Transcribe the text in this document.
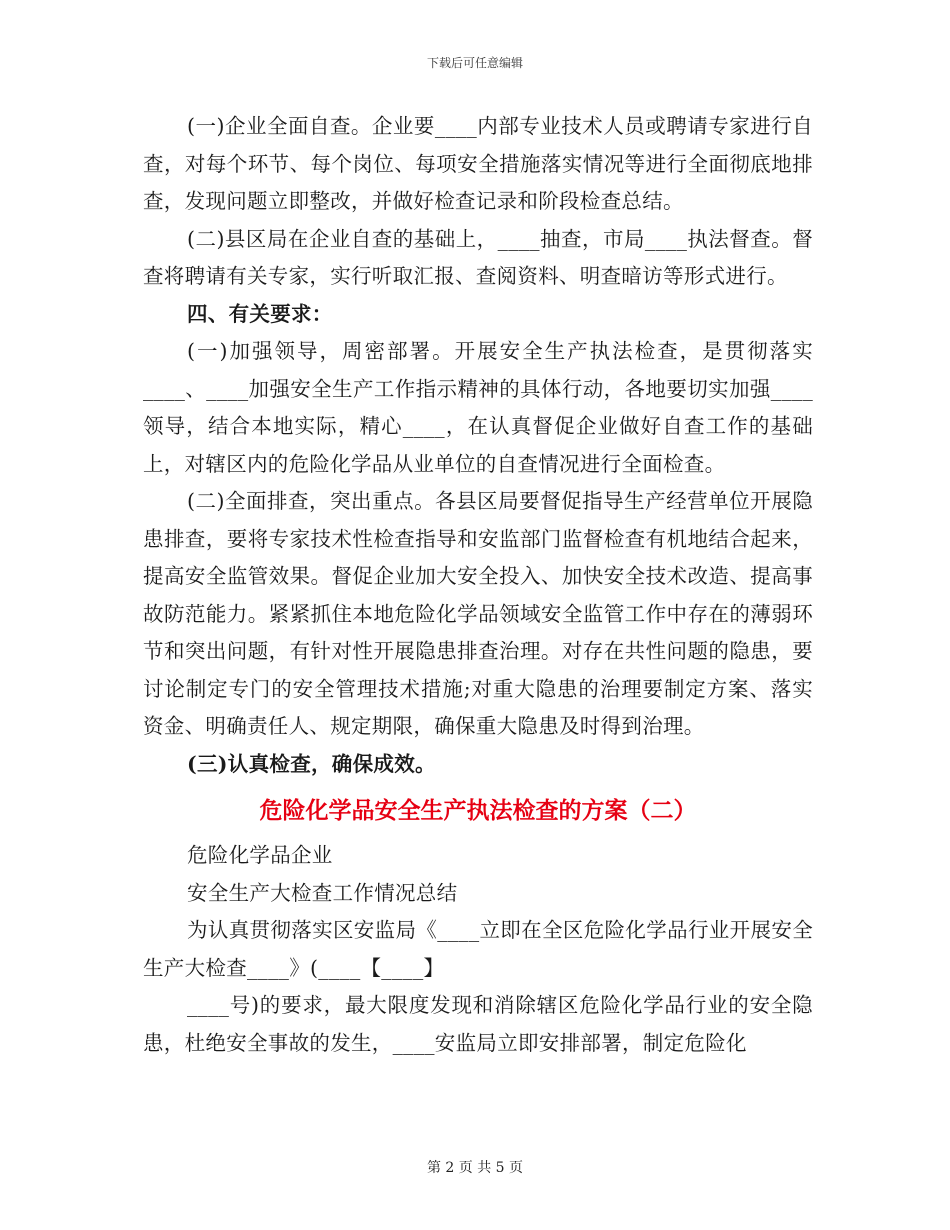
下载后可任意编辑

(一)企业全面自查。企业要____内部专业技术人员或聘请专家进行自查，对每个环节、每个岗位、每项安全措施落实情况等进行全面彻底地排查，发现问题立即整改，并做好检查记录和阶段检查总结。

(二)县区局在企业自查的基础上，____抽查，市局____执法督查。督查将聘请有关专家，实行听取汇报、查阅资料、明查暗访等形式进行。

四、有关要求：

(一)加强领导，周密部署。开展安全生产执法检查，是贯彻落实____、____加强安全生产工作指示精神的具体行动，各地要切实加强____领导，结合本地实际，精心____，在认真督促企业做好自查工作的基础上，对辖区内的危险化学品从业单位的自查情况进行全面检查。

(二)全面排查，突出重点。各县区局要督促指导生产经营单位开展隐患排查，要将专家技术性检查指导和安监部门监督检查有机地结合起来，提高安全监管效果。督促企业加大安全投入、加快安全技术改造、提高事故防范能力。紧紧抓住本地危险化学品领域安全监管工作中存在的薄弱环节和突出问题，有针对性开展隐患排查治理。对存在共性问题的隐患，要讨论制定专门的安全管理技术措施;对重大隐患的治理要制定方案、落实资金、明确责任人、规定期限，确保重大隐患及时得到治理。

(三)认真检查，确保成效。

危险化学品安全生产执法检查的方案（二）

危险化学品企业

安全生产大检查工作情况总结

为认真贯彻落实区安监局《____立即在全区危险化学品行业开展安全生产大检查____》(____【____】

____号)的要求，最大限度发现和消除辖区危险化学品行业的安全隐患，杜绝安全事故的发生，____安监局立即安排部署，制定危险化

第 2 页 共 5 页
